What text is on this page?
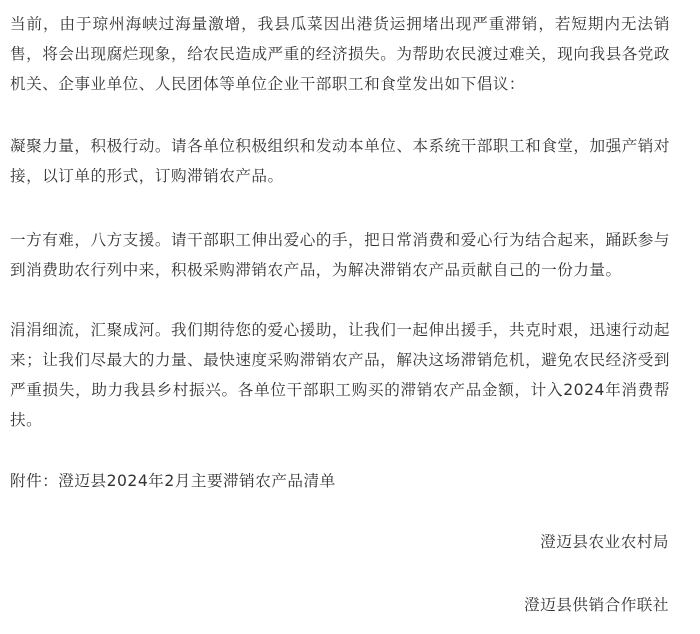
当前，由于琼州海峡过海量激增，我县瓜菜因出港货运拥堵出现严重滞销，若短期内无法销售，将会出现腐烂现象，给农民造成严重的经济损失。为帮助农民渡过难关，现向我县各党政机关、企事业单位、人民团体等单位企业干部职工和食堂发出如下倡议：

凝聚力量，积极行动。请各单位积极组织和发动本单位、本系统干部职工和食堂，加强产销对接，以订单的形式，订购滞销农产品。

一方有难，八方支援。请干部职工伸出爱心的手，把日常消费和爱心行为结合起来，踊跃参与到消费助农行列中来，积极采购滞销农产品，为解决滞销农产品贡献自己的一份力量。

涓涓细流，汇聚成河。我们期待您的爱心援助，让我们一起伸出援手，共克时艰，迅速行动起来；让我们尽最大的力量、最快速度采购滞销农产品，解决这场滞销危机，避免农民经济受到严重损失，助力我县乡村振兴。各单位干部职工购买的滞销农产品金额，计入2024年消费帮扶。

附件：澄迈县2024年2月主要滞销农产品清单

澄迈县农业农村局
澄迈县供销合作联社
